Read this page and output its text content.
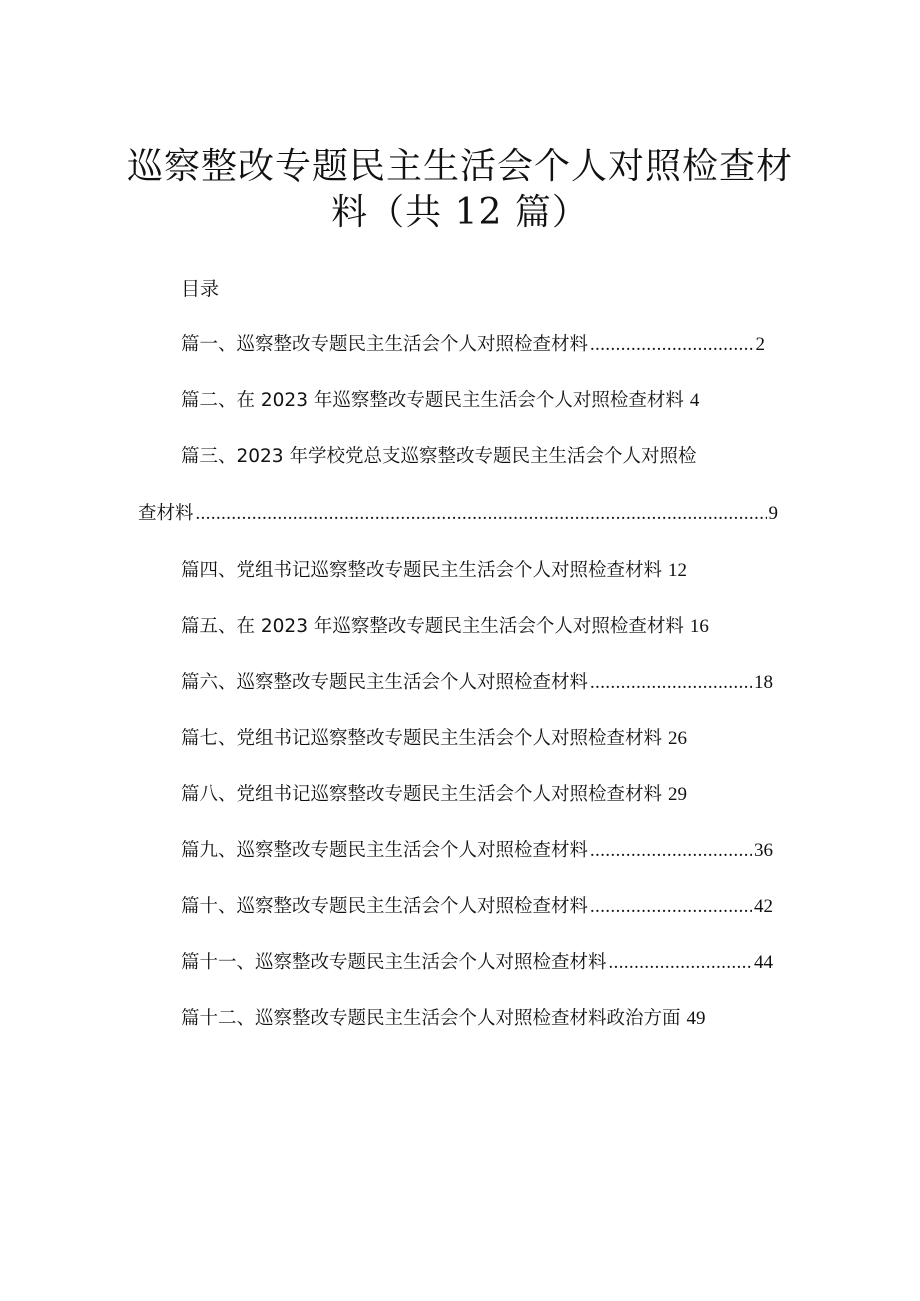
巡察整改专题民主生活会个人对照检查材
料（共 12 篇）
目录
篇一、巡察整改专题民主生活会个人对照检查材料 .....	2
篇二、在 2023 年巡察整改专题民主生活会个人对照检查材料 4
篇三、2023 年学校党总支巡察整改专题民主生活会个人对照检
查材料 .....	9
篇四、党组书记巡察整改专题民主生活会个人对照检查材料 12
篇五、在 2023 年巡察整改专题民主生活会个人对照检查材料 16
篇六、巡察整改专题民主生活会个人对照检查材料 .....	18
篇七、党组书记巡察整改专题民主生活会个人对照检查材料 26
篇八、党组书记巡察整改专题民主生活会个人对照检查材料 29
篇九、巡察整改专题民主生活会个人对照检查材料 .....	36
篇十、巡察整改专题民主生活会个人对照检查材料 .....	42
篇十一、巡察整改专题民主生活会个人对照检查材料 .....	44
篇十二、巡察整改专题民主生活会个人对照检查材料政治方面 49
